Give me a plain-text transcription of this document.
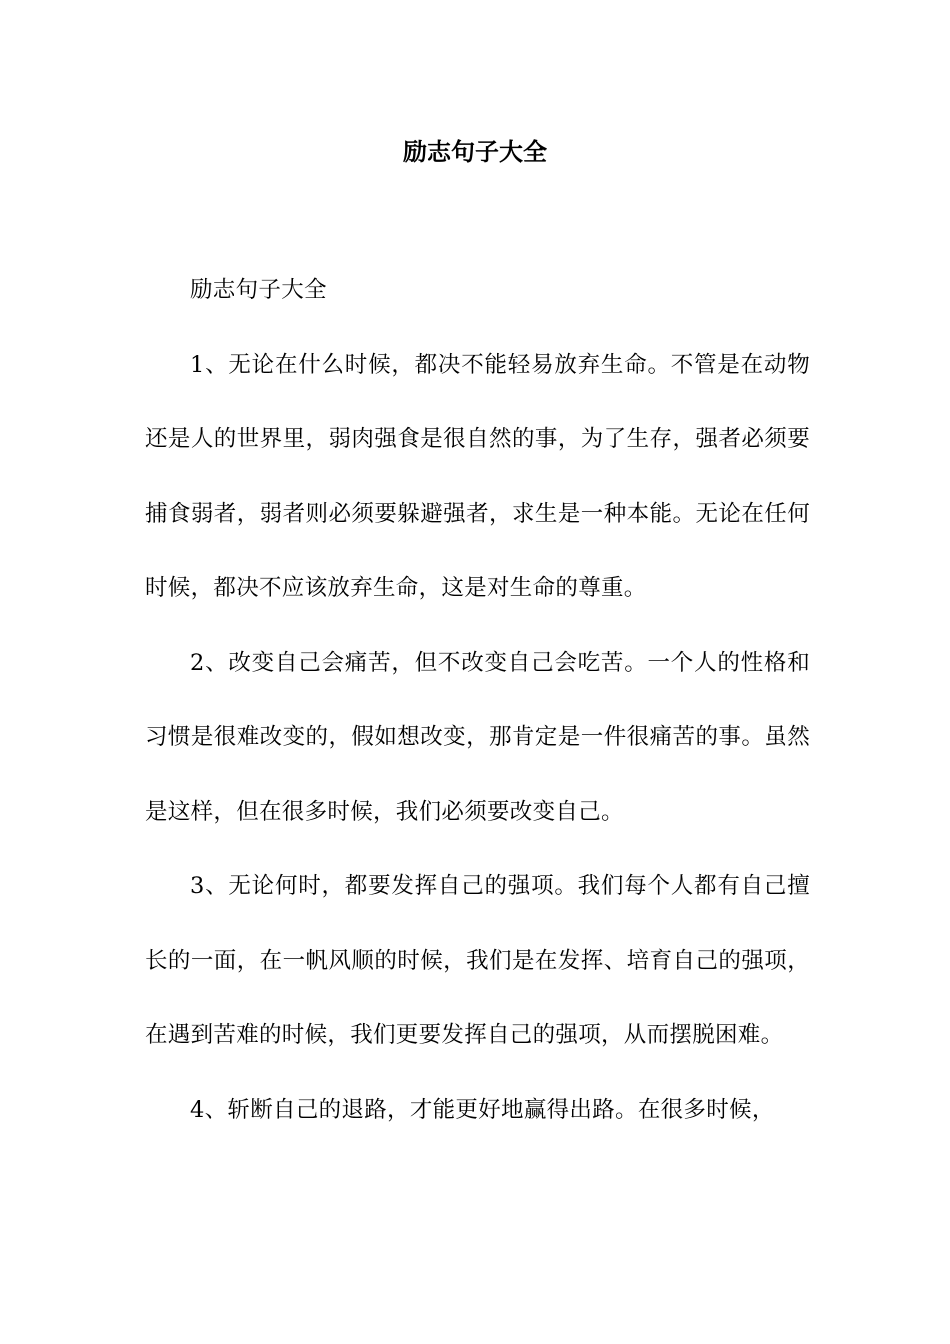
励志句子大全

励志句子大全

1、无论在什么时候，都决不能轻易放弃生命。不管是在动物还是人的世界里，弱肉强食是很自然的事，为了生存，强者必须要捕食弱者，弱者则必须要躲避强者，求生是一种本能。无论在任何时候，都决不应该放弃生命，这是对生命的尊重。

2、改变自己会痛苦，但不改变自己会吃苦。一个人的性格和习惯是很难改变的，假如想改变，那肯定是一件很痛苦的事。虽然是这样，但在很多时候，我们必须要改变自己。

3、无论何时，都要发挥自己的强项。我们每个人都有自己擅长的一面，在一帆风顺的时候，我们是在发挥、培育自己的强项，在遇到苦难的时候，我们更要发挥自己的强项，从而摆脱困难。

4、斩断自己的退路，才能更好地赢得出路。在很多时候，
